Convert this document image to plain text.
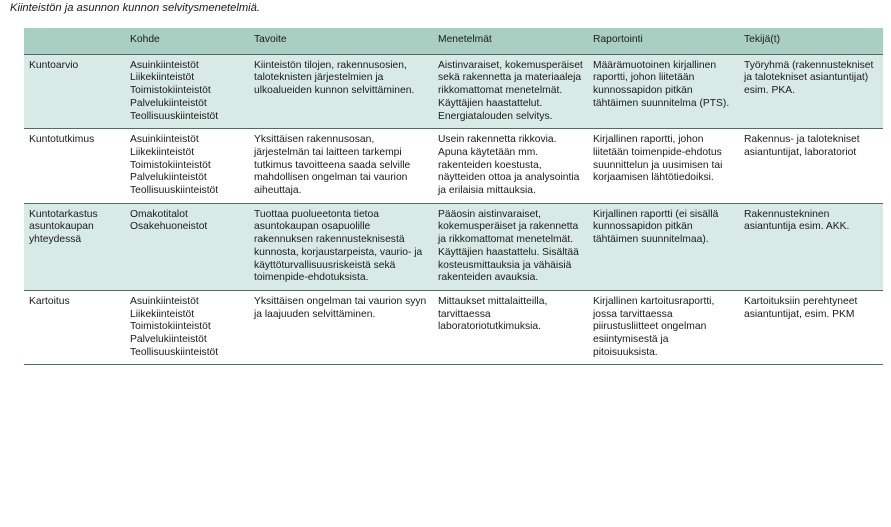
Kiinteistön ja asunnon kunnon selvitysmenetelmiä.
	Kohde	Tavoite	Menetelmät	Raportointi	Tekijä(t)
Kuntoarvio	Asuinkiinteistöt
Liikekiinteistöt
Toimistokiinteistöt
Palvelukiinteistöt
Teollisuuskiinteistöt	Kiinteistön tilojen, rakennusosien, taloteknisten järjestelmien ja ulkoalueiden kunnon selvittäminen.	Aistinvaraiset, kokemusperäiset sekä rakennetta ja materiaaleja rikkomattomat menetelmät. Käyttäjien haastattelut. Energiatalouden selvitys.	Määrämuotoinen kirjallinen raportti, johon liitetään kunnossapidon pitkän tähtäimen suunnitelma (PTS).	Työryhmä (rakennustekniset ja talotekniset asiantuntijat) esim. PKA.
Kuntotutkimus	Asuinkiinteistöt
Liikekiinteistöt
Toimistokiinteistöt
Palvelukiinteistöt
Teollisuuskiinteistöt	Yksittäisen rakennusosan, järjestelmän tai laitteen tarkempi tutkimus tavoitteena saada selville mahdollisen ongelman tai vaurion aiheuttaja.	Usein rakennetta rikkovia. Apuna käytetään mm. rakenteiden koestusta, näytteiden ottoa ja analysointia ja erilaisia mittauksia.	Kirjallinen raportti, johon liitetään toimenpide-ehdotus suunnittelun ja uusimisen tai korjaamisen lähtötiedoiksi.	Rakennus- ja talotekniset asiantuntijat, laboratoriot
Kuntotarkastus asuntokaupan yhteydessä	Omakotitalot
Osakehuoneistot	Tuottaa puolueetonta tietoa asuntokaupan osapuolille rakennuksen rakennusteknisestä kunnosta, korjaustarpeista, vaurio- ja käyttöturvallisuusriskeistä sekä toimenpide-ehdotuksista.	Pääosin aistinvaraiset, kokemusperäiset ja rakennetta ja rikkomattomat menetelmät. Käyttäjien haastattelu. Sisältää kosteusmittauksia ja vähäisiä rakenteiden avauksia.	Kirjallinen raportti (ei sisällä kunnossapidon pitkän tähtäimen suunnitelmaa).	Rakennustekninen asiantuntija esim. AKK.
Kartoitus	Asuinkiinteistöt
Liikekiinteistöt
Toimistokiinteistöt
Palvelukiinteistöt
Teollisuuskiinteistöt	Yksittäisen ongelman tai vaurion syyn ja laajuuden selvittäminen.	Mittaukset mittalaitteilla, tarvittaessa laboratoriotutkimuksia.	Kirjallinen kartoitusraportti, jossa tarvittaessa piirustusliitteet ongelman esiintymisestä ja pitoisuuksista.	Kartoituksiin perehtyneet asiantuntijat, esim. PKM
